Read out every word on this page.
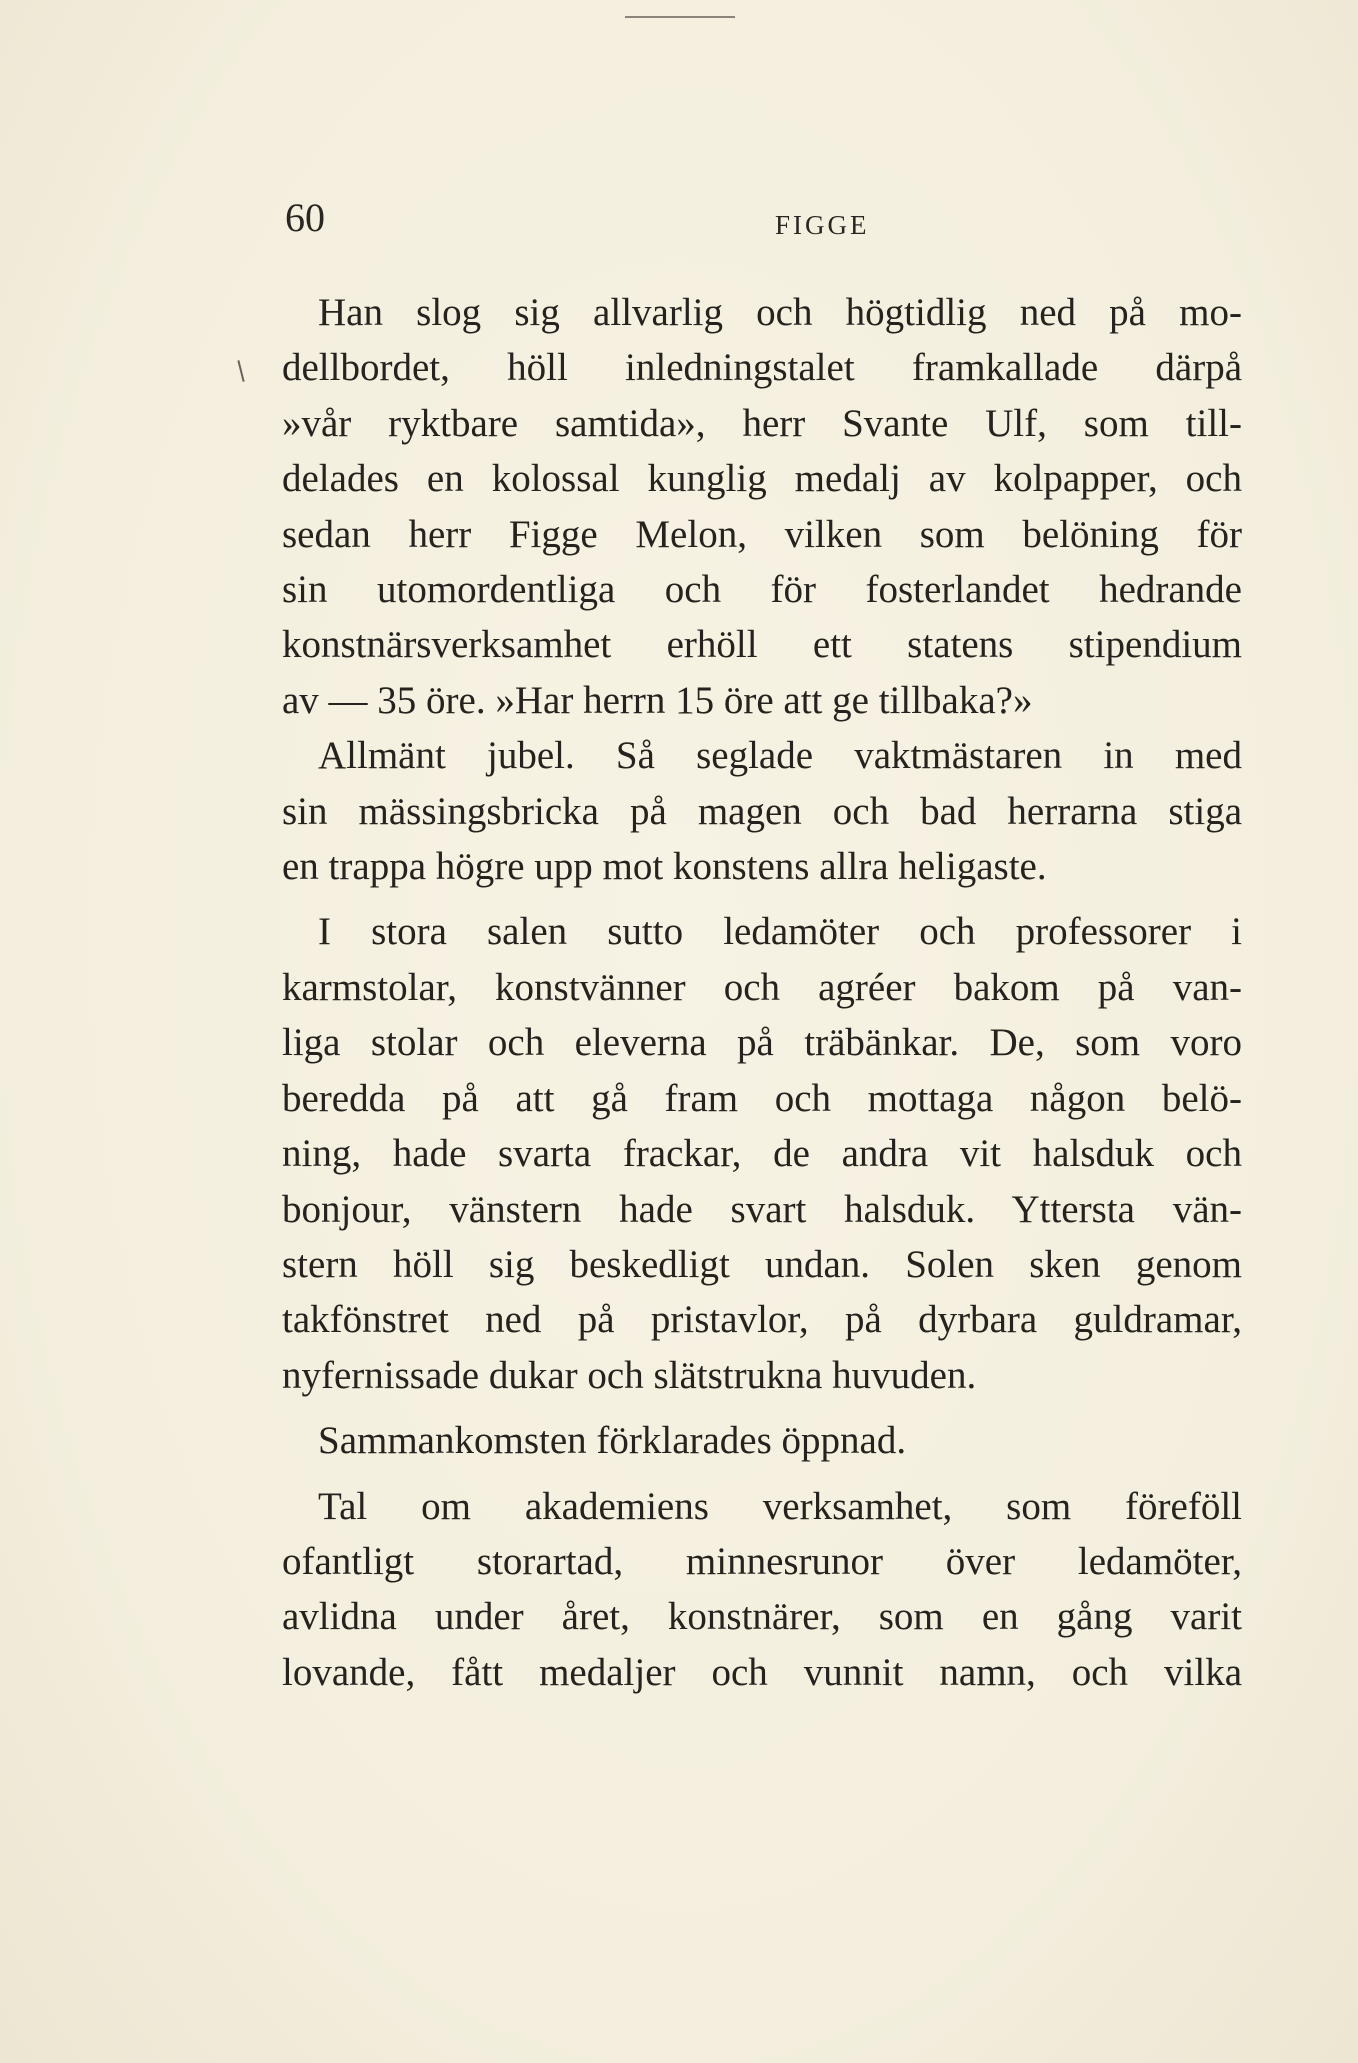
60	FIGGE
Han slog sig allvarlig och högtidlig ned på mo-
dellbordet, höll inledningstalet framkallade därpå
»vår ryktbare samtida», herr Svante Ulf, som till-
delades en kolossal kunglig medalj av kolpapper, och
sedan herr Figge Melon, vilken som belöning för
sin utomordentliga och för fosterlandet hedrande
konstnärsverksamhet erhöll ett statens stipendium
av — 35 öre. »Har herrn 15 öre att ge tillbaka?»
Allmänt jubel. Så seglade vaktmästaren in med
sin mässingsbricka på magen och bad herrarna stiga
en trappa högre upp mot konstens allra heligaste.
I stora salen sutto ledamöter och professorer i
karmstolar, konstvänner och agréer bakom på van-
liga stolar och eleverna på träbänkar. De, som voro
beredda på att gå fram och mottaga någon belö-
ning, hade svarta frackar, de andra vit halsduk och
bonjour, vänstern hade svart halsduk. Yttersta vän-
stern höll sig beskedligt undan. Solen sken genom
takfönstret ned på pristavlor, på dyrbara guldramar,
nyfernissade dukar och slätstrukna huvuden.
Sammankomsten förklarades öppnad.
Tal om akademiens verksamhet, som föreföll
ofantligt storartad, minnesrunor över ledamöter,
avlidna under året, konstnärer, som en gång varit
lovande, fått medaljer och vunnit namn, och vilka
